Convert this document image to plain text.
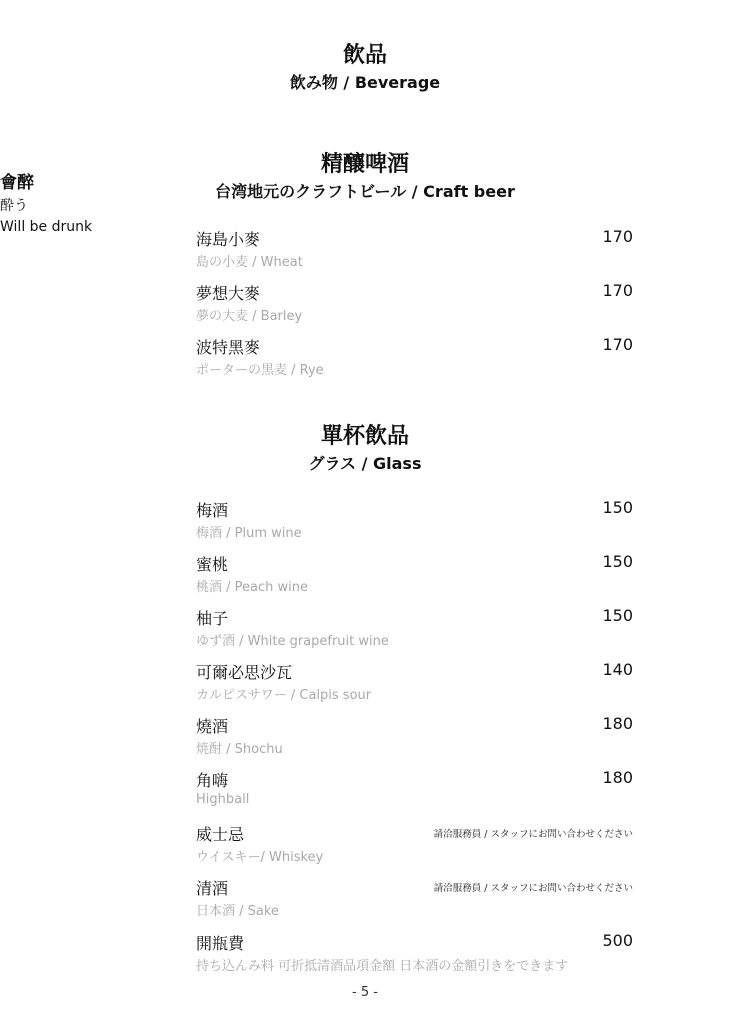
飲品
飲み物 / Beverage
會醉
酔う
Will be drunk
精釀啤酒
台湾地元のクラフトビール / Craft beer
海島小麥
島の小麦 / Wheat
170
夢想大麥
夢の大麦 / Barley
170
波特黑麥
ポーターの黒麦 / Rye
170
單杯飲品
グラス / Glass
梅酒
梅酒 / Plum wine
150
蜜桃
桃酒 / Peach wine
150
柚子
ゆず酒 / White grapefruit wine
150
可爾必思沙瓦
カルピスサワー / Calpis sour
140
燒酒
焼酎 / Shochu
180
角嗨
Highball
180
威士忌
ウイスキー/ Whiskey
請洽服務員 / スタッフにお問い合わせください
清酒
日本酒 / Sake
請洽服務員 / スタッフにお問い合わせください
開瓶費
持ち込んみ料 可折抵清酒品項金額 日本酒の金額引きをできます
500
- 5 -
